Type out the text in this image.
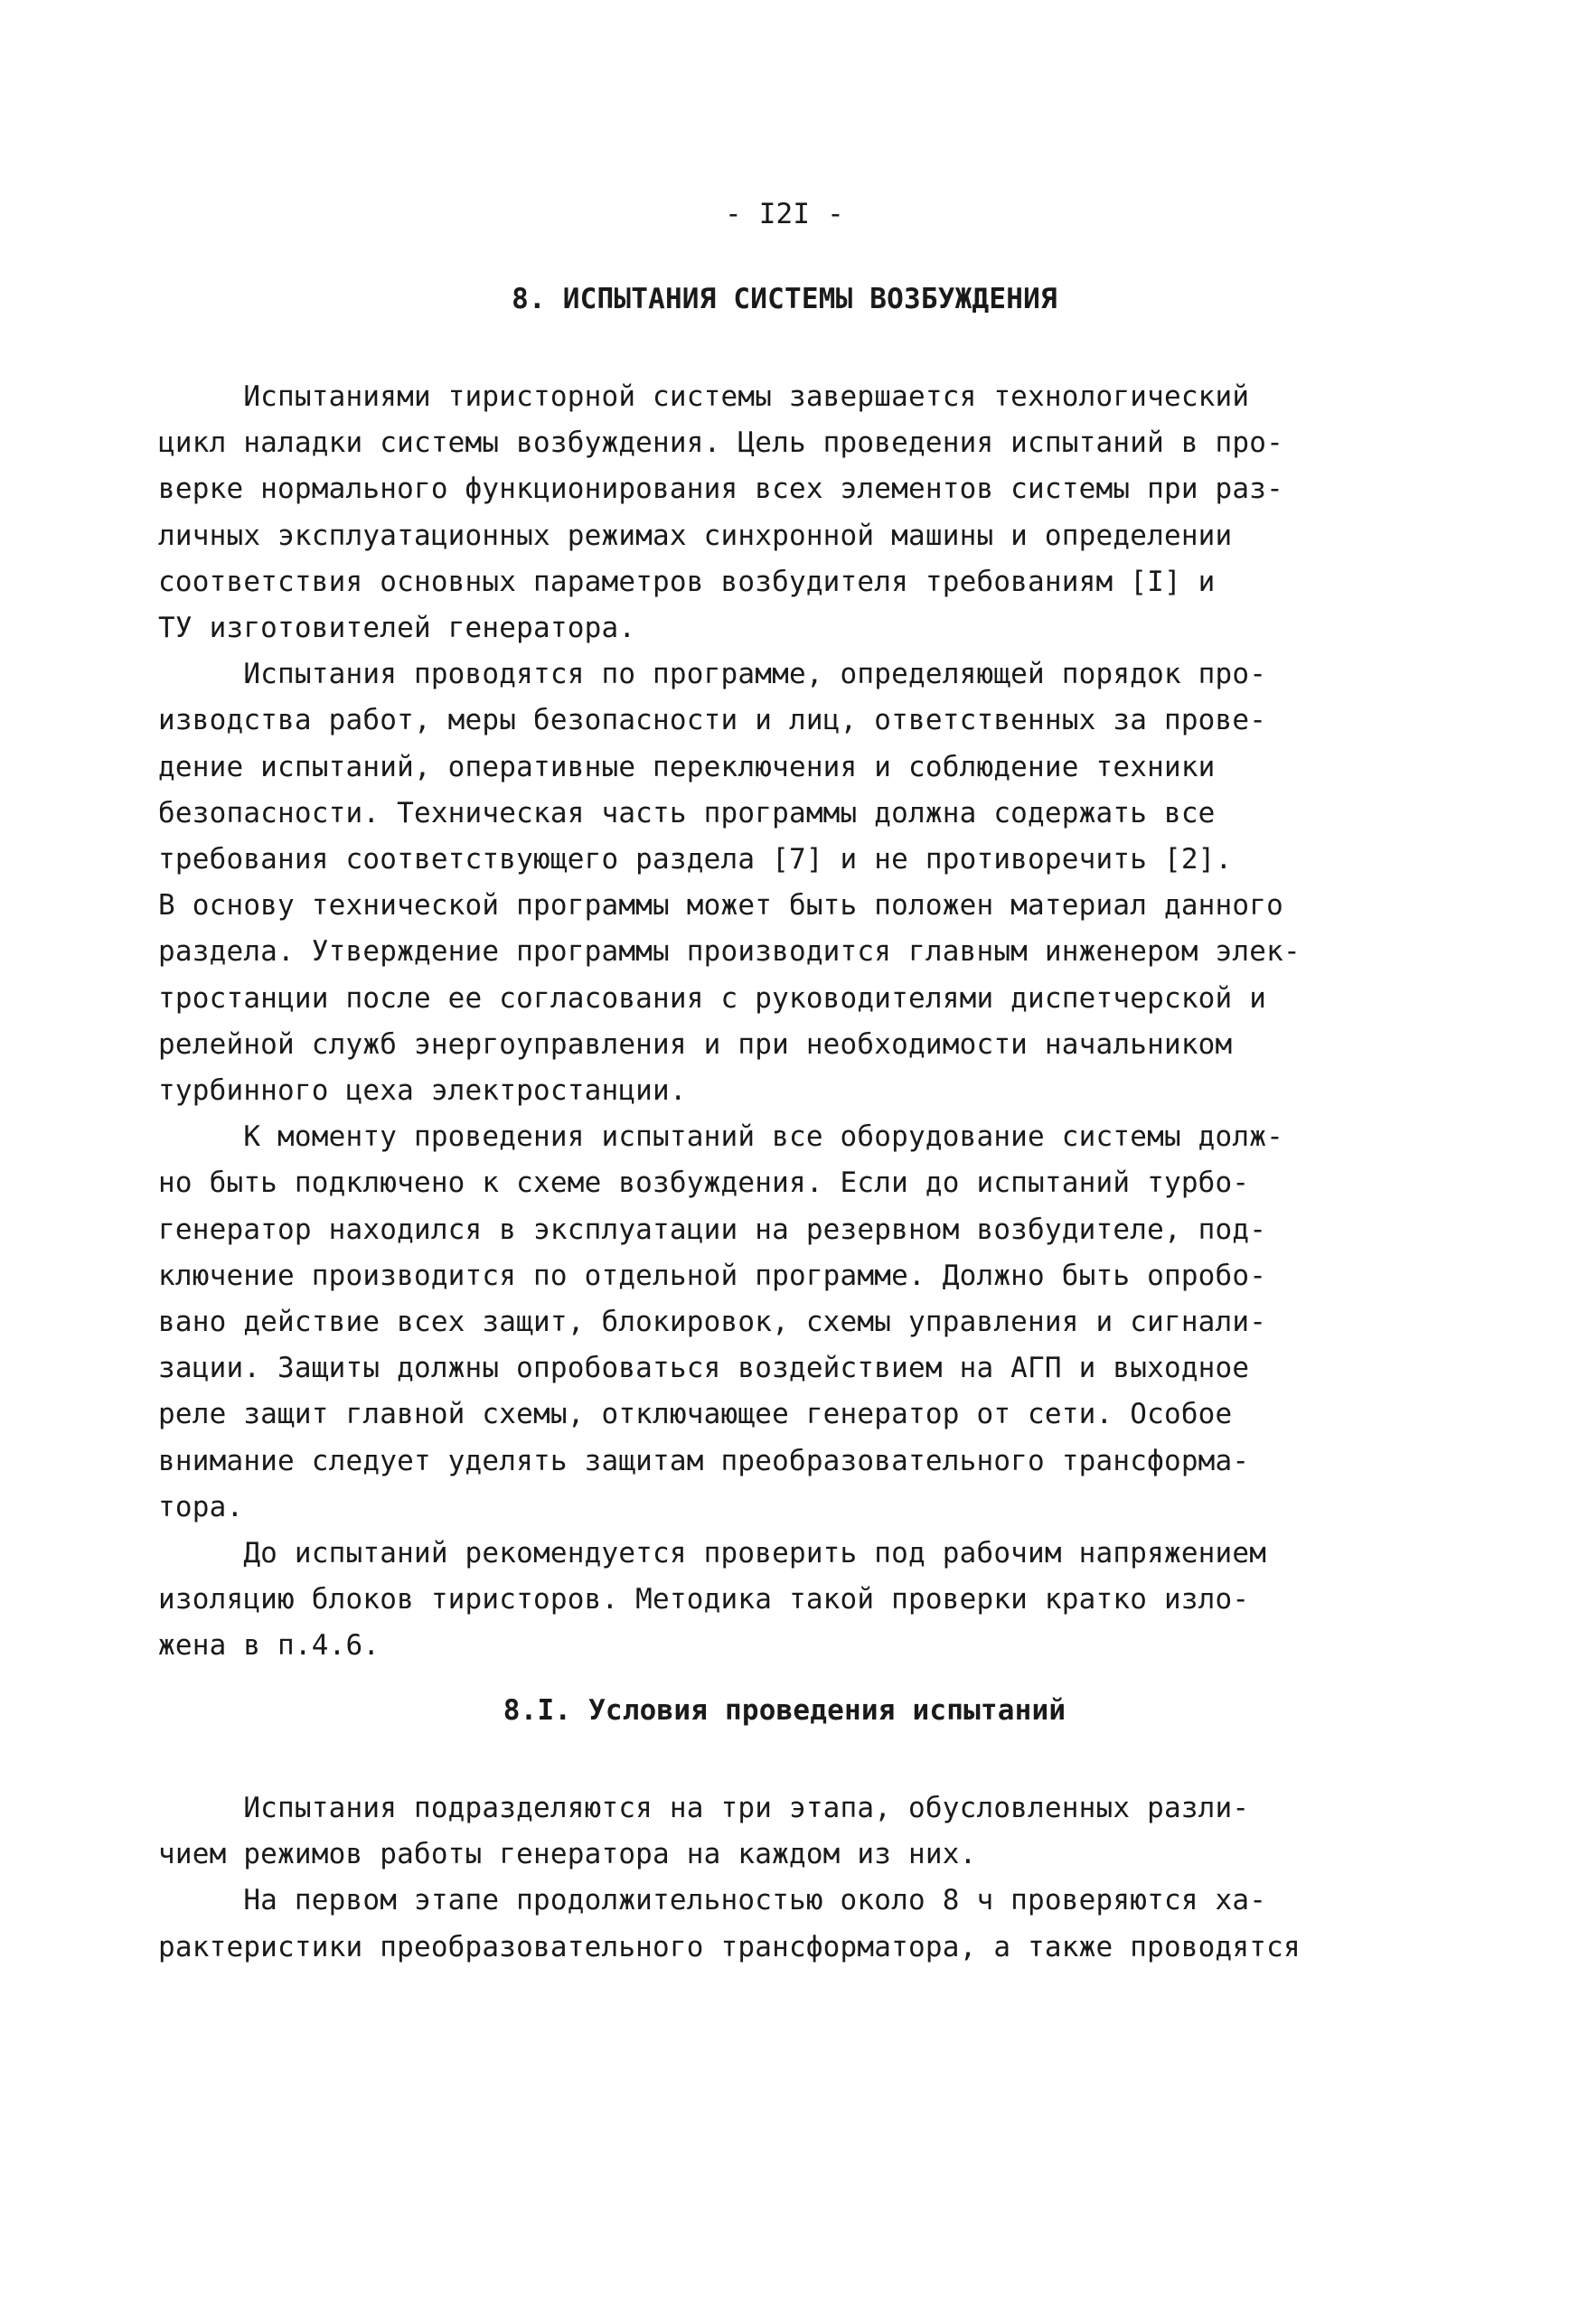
- I2I -
8. ИСПЫТАНИЯ СИСТЕМЫ ВОЗБУЖДЕНИЯ
Испытаниями тиристорной системы завершается технологический
цикл наладки системы возбуждения. Цель проведения испытаний в про-
верке нормального функционирования всех элементов системы при раз-
личных эксплуатационных режимах синхронной машины и определении
соответствия основных параметров возбудителя требованиям [I] и
ТУ изготовителей генератора.
Испытания проводятся по программе, определяющей порядок про-
изводства работ, меры безопасности и лиц, ответственных за прове-
дение испытаний, оперативные переключения и соблюдение техники
безопасности. Техническая часть программы должна содержать все
требования соответствующего раздела [7] и не противоречить [2].
В основу технической программы может быть положен материал данного
раздела. Утверждение программы производится главным инженером элек-
тростанции после ее согласования с руководителями диспетчерской и
релейной служб энергоуправления и при необходимости начальником
турбинного цеха электростанции.
К моменту проведения испытаний все оборудование системы долж-
но быть подключено к схеме возбуждения. Если до испытаний турбо-
генератор находился в эксплуатации на резервном возбудителе, под-
ключение производится по отдельной программе. Должно быть опробо-
вано действие всех защит, блокировок, схемы управления и сигнали-
зации. Защиты должны опробоваться воздействием на АГП и выходное
реле защит главной схемы, отключающее генератор от сети. Особое
внимание следует уделять защитам преобразовательного трансформа-
тора.
До испытаний рекомендуется проверить под рабочим напряжением
изоляцию блоков тиристоров. Методика такой проверки кратко изло-
жена в п.4.6.
8.I. Условия проведения испытаний
Испытания подразделяются на три этапа, обусловленных разли-
чием режимов работы генератора на каждом из них.
На первом этапе продолжительностью около 8 ч проверяются ха-
рактеристики преобразовательного трансформатора, а также проводятся
